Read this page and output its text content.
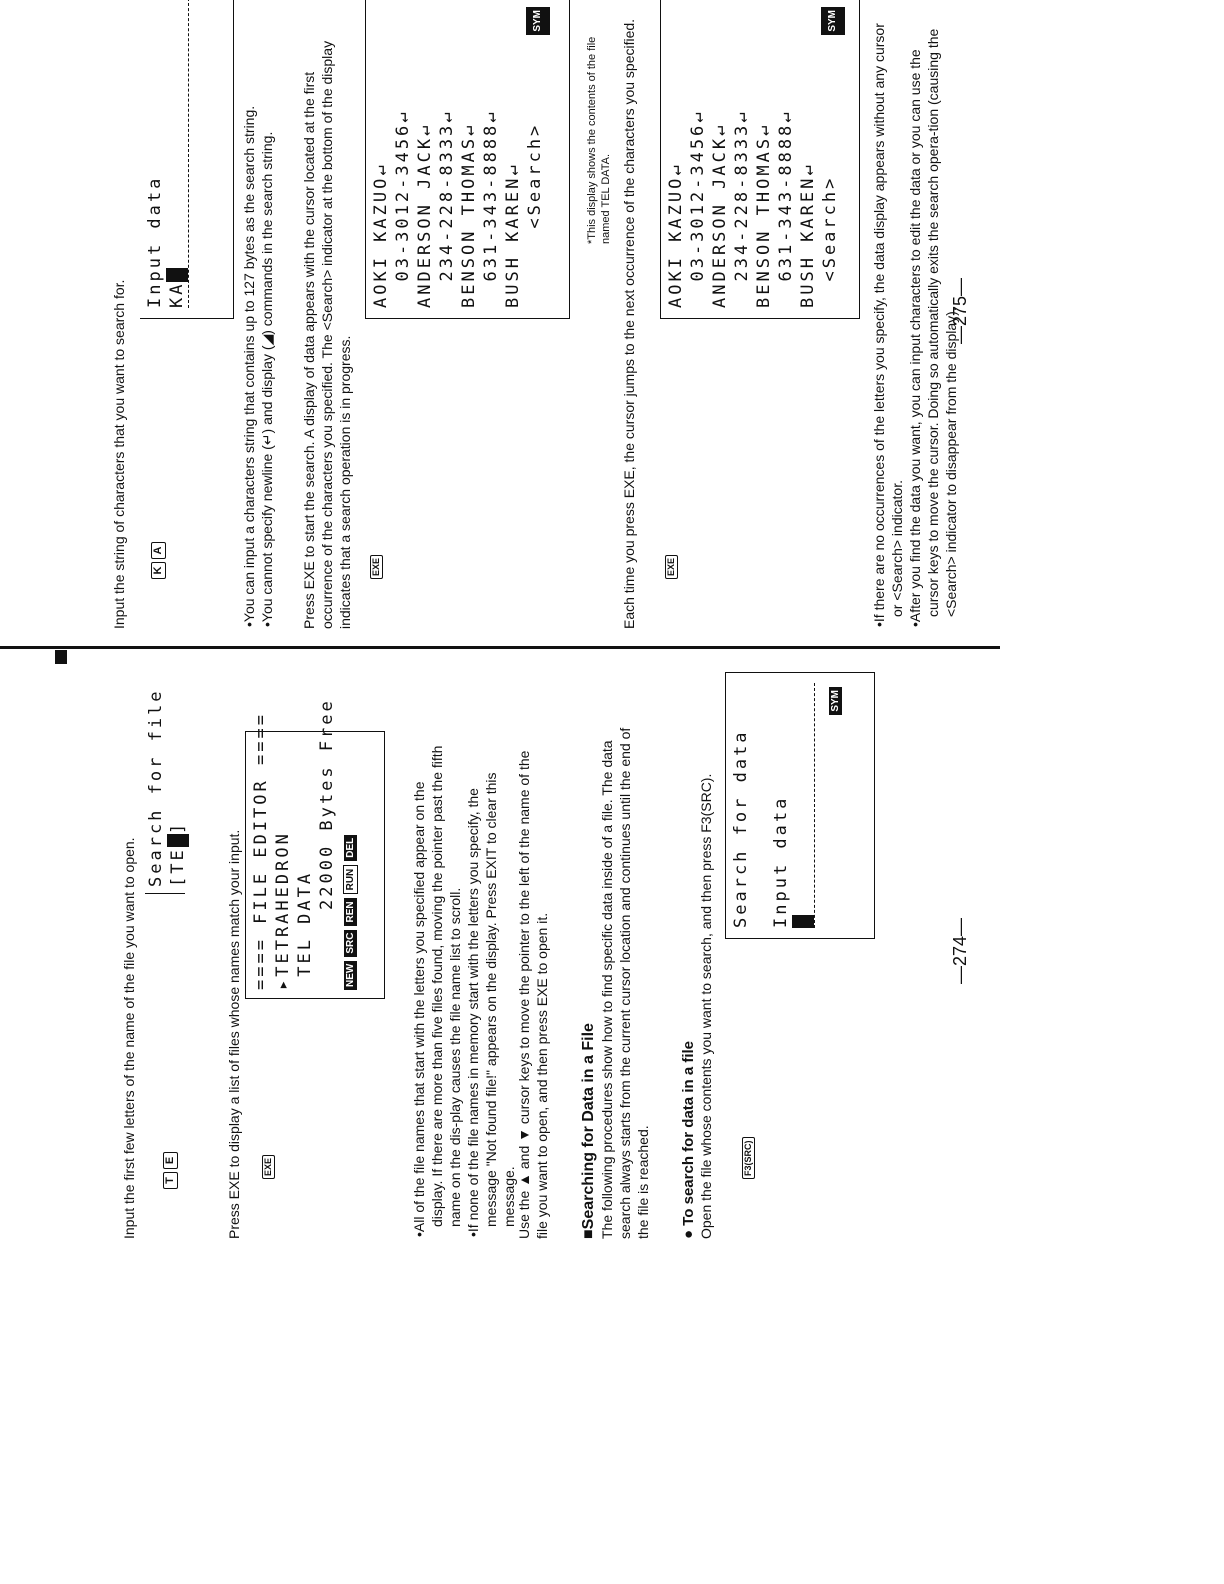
Input the first few letters of the name of the file you want to open.	TE
Search for file [TE ]

Press EXE to display a list of files whose names match your input. EXE
==== FILE EDITOR ==== ▸TETRAHEDRON TEL DATA
22000 Bytes Free
NEWSRCRENRUNDEL	•All of the file names that start with the letters you specified appear on the display. If there are more than five files found, moving the pointer past the fifth name on the dis-play causes the file name list to scroll. •If none of the file names in memory start with the letters you specify, the message "Not found file!" appears on the display. Press EXIT to clear this message. Use the ▲ and ▼ cursor keys to move the pointer to the left of the name of the file you want to open, and then press EXE to open it. ■Searching for Data in a File The following procedures show how to find specific data inside of a file. The data search always starts from the current cursor location and continues until the end of the file is reached. ● To search for data in a file Open the file whose contents you want to search, and then press F3(SRC).	F3(SRC)
Search for data Input data

SYM
—274—

Input the string of characters that you want to search for.	KA
Input data KA	•You can input a characters string that contains up to 127 bytes as the search string. •You cannot specify newline (↵) and display (◢) commands in the search string. Press EXE to start the search. A display of data appears with the cursor located at the first occurrence of the characters you specified. The <Search> indicator at the bottom of the display indicates that a search operation is in progress. EXE
AOKI KAZUO↵ 03-3012-3456↵ ANDERSON JACK↵ 234-228-8333↵ BENSON THOMAS↵ 631-343-8888↵ BUSH KAREN↵ <Search>
SYM

*This display shows the contents of the file named TEL DATA. Each time you press EXE, the cursor jumps to the next occurrence of the characters you specified.	EXE
AOKI KAZUO↵ 03-3012-3456↵ ANDERSON JACK↵ 234-228-8333↵ BENSON THOMAS↵ 631-343-8888↵ BUSH KAREN↵ <Search>
SYM
—275—

•If there are no occurrences of the letters you specify, the data display appears without any cursor or <Search> indicator. •After you find the data you want, you can input characters to edit the data or you can use the cursor keys to move the cursor. Doing so automatically exits the search opera-tion (causing the <Search> indicator to disappear from the display).
